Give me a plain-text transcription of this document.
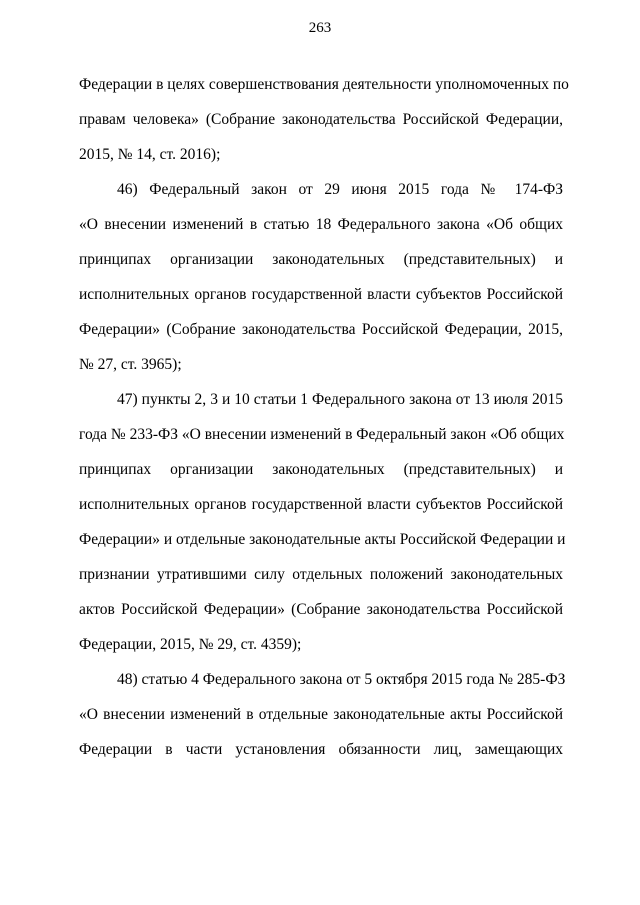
263
Федерации в целях совершенствования деятельности уполномоченных по
правам человека» (Собрание законодательства Российской Федерации,
2015, № 14, ст. 2016);
46) Федеральный закон от 29 июня 2015 года № 174-ФЗ
«О внесении изменений в статью 18 Федерального закона «Об общих
принципах организации законодательных (представительных) и
исполнительных органов государственной власти субъектов Российской
Федерации» (Собрание законодательства Российской Федерации, 2015,
№ 27, ст. 3965);
47) пункты 2, 3 и 10 статьи 1 Федерального закона от 13 июля 2015
года № 233-ФЗ «О внесении изменений в Федеральный закон «Об общих
принципах организации законодательных (представительных) и
исполнительных органов государственной власти субъектов Российской
Федерации» и отдельные законодательные акты Российской Федерации и
признании утратившими силу отдельных положений законодательных
актов Российской Федерации» (Собрание законодательства Российской
Федерации, 2015, № 29, ст. 4359);
48) статью 4 Федерального закона от 5 октября 2015 года № 285-ФЗ
«О внесении изменений в отдельные законодательные акты Российской
Федерации в части установления обязанности лиц, замещающих
